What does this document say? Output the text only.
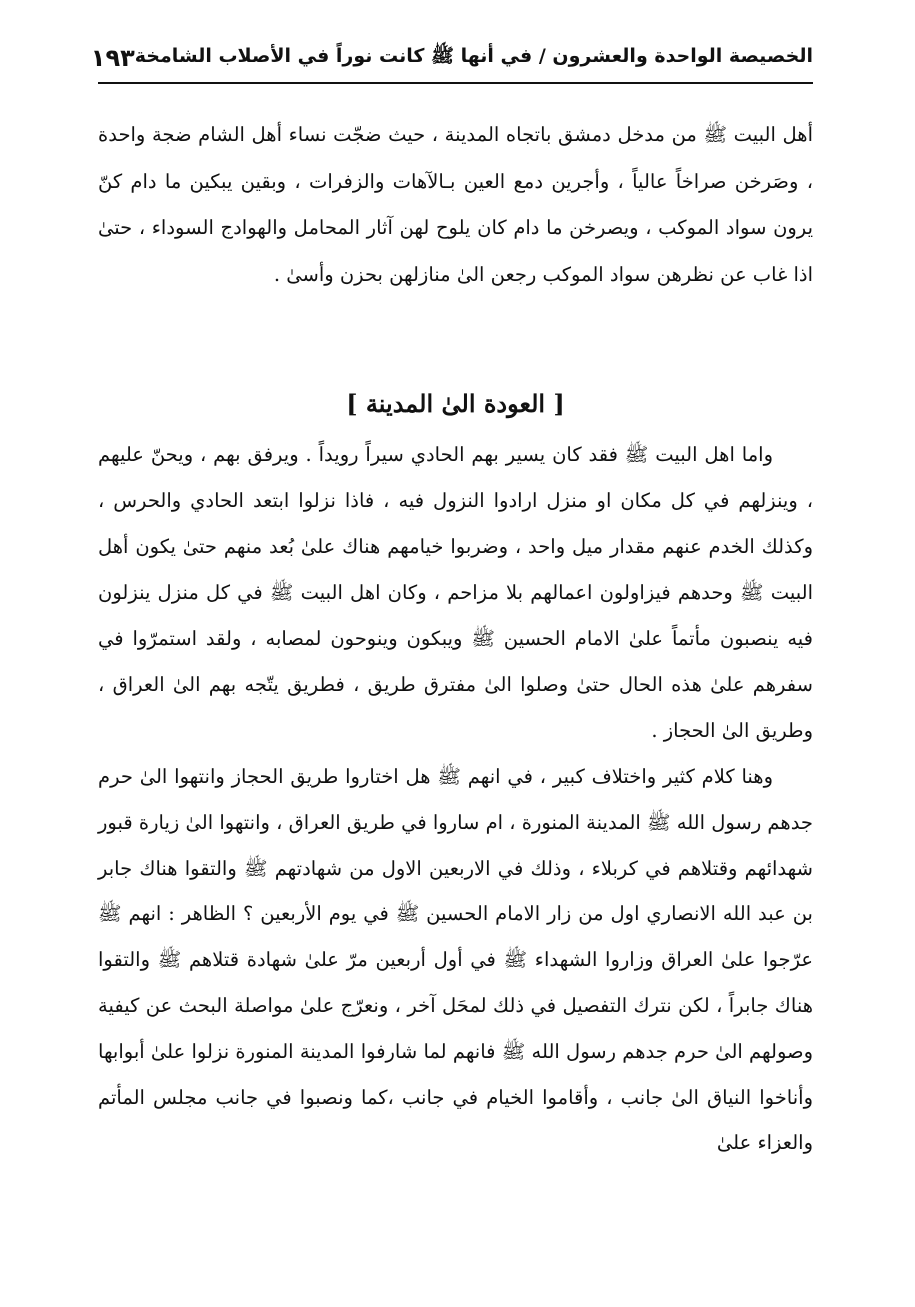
الخصيصة الواحدة والعشرون / في أنها ﷺ كانت نوراً في الأصلاب الشامخة
١٩٣

أهل البيت ﷺ من مدخل دمشق باتجاه المدينة ، حيث ضجّت نساء أهل الشام ضجة واحدة ، وصَرخن صراخاً عالياً ، وأجرين دمع العين بـالآهات والزفرات ، وبقين يبكين ما دام كنّ يرون سواد الموكب ، ويصرخن ما دام كان يلوح لهن آثار المحامل والهوادج السوداء ، حتىٰ اذا غاب عن نظرهن سواد الموكب رجعن الىٰ منازلهن بحزن وأسىٰ .

[ العودة الىٰ المدينة ]

واما اهل البيت ﷺ فقد كان يسير بهم الحادي سيراً رويداً . ويرفق بهم ، ويحنّ عليهم ، وينزلهم في كل مكان او منزل ارادوا النزول فيه ، فاذا نزلوا ابتعد الحادي والحرس ، وكذلك الخدم عنهم مقدار ميل واحد ، وضربوا خيامهم هناك علىٰ بُعد منهم حتىٰ يكون أهل البيت ﷺ وحدهم فيزاولون اعمالهم بلا مزاحم ، وكان اهل البيت ﷺ في كل منزل ينزلون فيه ينصبون مأتماً علىٰ الامام الحسين ﷺ ويبكون وينوحون لمصابه ، ولقد استمرّوا في سفرهم علىٰ هذه الحال حتىٰ وصلوا الىٰ مفترق طريق ، فطريق يتّجه بهم الىٰ العراق ، وطريق الىٰ الحجاز .

وهنا كلام كثير واختلاف كبير ، في انهم ﷺ هل اختاروا طريق الحجاز وانتهوا الىٰ حرم جدهم رسول الله ﷺ المدينة المنورة ، ام ساروا في طريق العراق ، وانتهوا الىٰ زيارة قبور شهدائهم وقتلاهم في كربلاء ، وذلك في الاربعين الاول من شهادتهم ﷺ والتقوا هناك جابر بن عبد الله الانصاري اول من زار الامام الحسين ﷺ في يوم الأربعين ؟ الظاهر : انهم ﷺ عرّجوا علىٰ العراق وزاروا الشهداء ﷺ في أول أربعين مرّ علىٰ شهادة قتلاهم ﷺ والتقوا هناك جابراً ، لكن نترك التفصيل في ذلك لمحَل آخر ، ونعرّج علىٰ مواصلة البحث عن كيفية وصولهم الىٰ حرم جدهم رسول الله ﷺ فانهم لما شارفوا المدينة المنورة نزلوا علىٰ أبوابها وأناخوا النياق الىٰ جانب ، وأقاموا الخيام في جانب ،كما ونصبوا في جانب مجلس المأتم والعزاء علىٰ
